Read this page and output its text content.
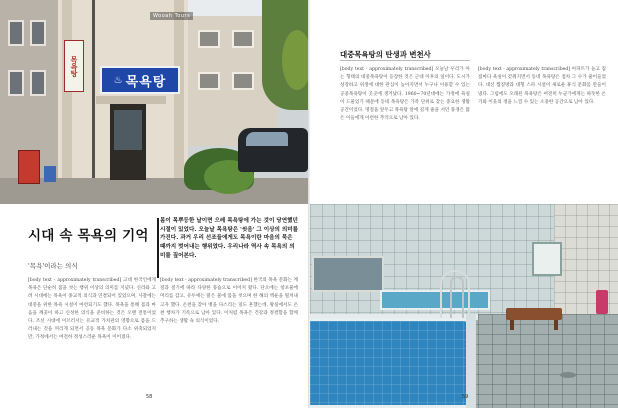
목욕탕
♨ 목욕탕
Wooah Tours
시대 속 목욕의 기억
몸이 목뿌등한 날이면 으레 목욕탕에 가는 것이 당연했던 시절이 있었다. 오늘날 목욕탕은 '씻음' 그 이상의 의미를 가진다. 과거 우리 선조들에게도 목욕이란 마음의 묵은 때까지 벗어내는 행위였다. 우리나라 역사 속 목욕의 의미를 짚어본다.
'목욕'이라는 의식
[body text - approximately transcribed] 고대 한국인에게 목욕은 단순히 몸을 씻는 행위 이상의 의미를 지녔다. 신라와 고려 시대에는 목욕이 종교적 의식과 연결되어 있었으며, 사찰에는 대중을 위한 목욕 시설이 마련되기도 했다. 목욕을 통해 몸과 마음을 깨끗이 하고 신성한 의식을 준비하는 것은 오랜 전통이었다. 조선 시대에 이르러서는 유교적 가치관의 영향으로 몸을 드러내는 것을 꺼리게 되면서 공동 목욕 문화가 다소 위축되었지만, 가정에서는 여전히 정성스러운 목욕이 이어졌다.
[body text - approximately transcribed] 한국의 목욕 문화는 계절과 절기에 따라 다양한 풍습으로 이어져 왔다. 단오에는 창포물에 머리를 감고, 유두에는 맑은 물에 몸을 씻으며 한 해의 액운을 떨쳐내고자 했다. 온천을 찾아 병을 다스리는 일도 흔했는데, 왕실에서도 온천 행차가 기록으로 남아 있다. 이처럼 목욕은 건강과 정결함을 함께 추구하는 생활 속 의식이었다.
58
대중목욕탕의 탄생과 변천사
[body text - approximately transcribed] 오늘날 우리가 아는 형태의 대중목욕탕이 등장한 것은 근대 이후의 일이다. 도시가 성장하고 위생에 대한 관심이 높아지면서 누구나 이용할 수 있는 공중목욕탕이 곳곳에 생겨났다. 1960~70년대에는 가정에 욕실이 드물었기 때문에 동네 목욕탕은 가족 단위로 찾는 중요한 생활 공간이었다. 명절을 앞두고 목욕탕 앞에 길게 줄을 서던 풍경은 많은 이들에게 아련한 추억으로 남아 있다.
[body text - approximately transcribed] 아파트가 늘고 집집마다 욕실이 갖춰지면서 동네 목욕탕은 점차 그 수가 줄어들었다. 대신 찜질방과 대형 스파 시설이 새로운 휴식 문화를 만들어냈다. 그럼에도 오래된 목욕탕은 여전히 누군가에게는 따뜻한 온기와 이웃의 정을 느낄 수 있는 소중한 공간으로 남아 있다.
59
